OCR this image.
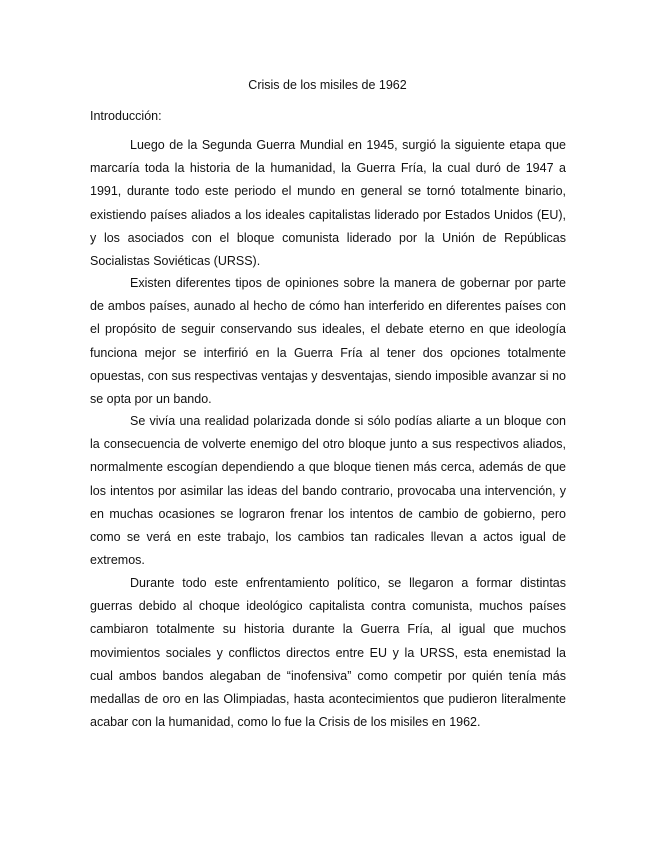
Crisis de los misiles de 1962

Introducción:

Luego de la Segunda Guerra Mundial en 1945, surgió la siguiente etapa que marcaría toda la historia de la humanidad, la Guerra Fría, la cual duró de 1947 a 1991, durante todo este periodo el mundo en general se tornó totalmente binario, existiendo países aliados a los ideales capitalistas liderado por Estados Unidos (EU), y los asociados con el bloque comunista liderado por la Unión de Repúblicas Socialistas Soviéticas (URSS).

Existen diferentes tipos de opiniones sobre la manera de gobernar por parte de ambos países, aunado al hecho de cómo han interferido en diferentes países con el propósito de seguir conservando sus ideales, el debate eterno en que ideología funciona mejor se interfirió en la Guerra Fría al tener dos opciones totalmente opuestas, con sus respectivas ventajas y desventajas, siendo imposible avanzar si no se opta por un bando.

Se vivía una realidad polarizada donde si sólo podías aliarte a un bloque con la consecuencia de volverte enemigo del otro bloque junto a sus respectivos aliados, normalmente escogían dependiendo a que bloque tienen más cerca, además de que los intentos por asimilar las ideas del bando contrario, provocaba una intervención, y en muchas ocasiones se lograron frenar los intentos de cambio de gobierno, pero como se verá en este trabajo, los cambios tan radicales llevan a actos igual de extremos.

Durante todo este enfrentamiento político, se llegaron a formar distintas guerras debido al choque ideológico capitalista contra comunista, muchos países cambiaron totalmente su historia durante la Guerra Fría, al igual que muchos movimientos sociales y conflictos directos entre EU y la URSS, esta enemistad la cual ambos bandos alegaban de “inofensiva” como competir por quién tenía más medallas de oro en las Olimpiadas, hasta acontecimientos que pudieron literalmente acabar con la humanidad, como lo fue la Crisis de los misiles en 1962.
